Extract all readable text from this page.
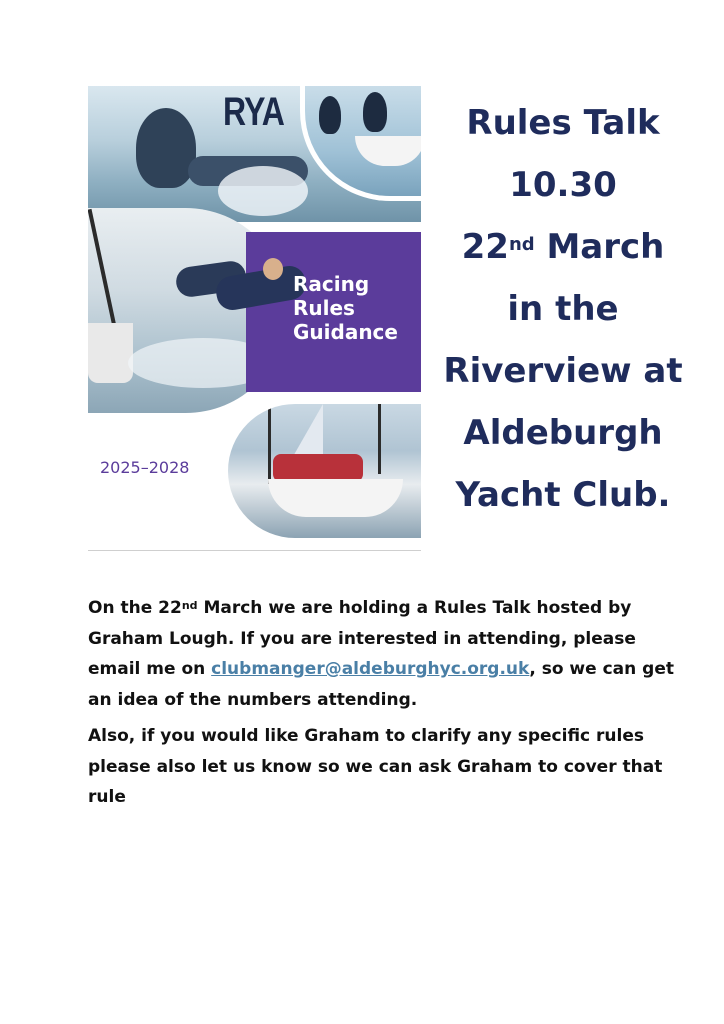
RYA
Racing
Rules
Guidance
2025–2028
Rules Talk
10.30
22nd March
in the
Riverview at
Aldeburgh
Yacht Club.

On the 22nd March we are holding a Rules Talk hosted by Graham Lough. If you are interested in attending, please email me on clubmanger@aldeburghyc.org.uk, so we can get an idea of the numbers attending.

Also, if you would like Graham to clarify any specific rules please also let us know so we can ask Graham to cover that rule
